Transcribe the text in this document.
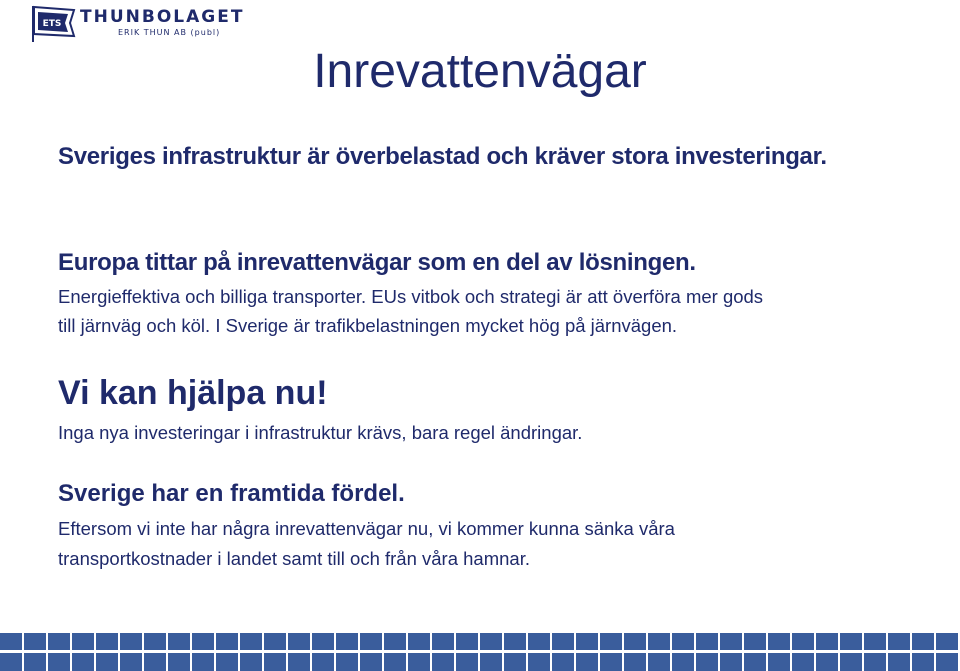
ETS THUNBOLAGET
ERIK THUN AB (publ)
Inrevattenvägar

Sveriges infrastruktur är överbelastad och kräver stora investeringar.

Europa tittar på inrevattenvägar som en del av lösningen.

Energieffektiva och billiga transporter. EUs vitbok och strategi är att överföra mer gods

till järnväg och köl. I Sverige är trafikbelastningen mycket hög på järnvägen.

Vi kan hjälpa nu!

Inga nya investeringar i infrastruktur krävs, bara regel ändringar.

Sverige har en framtida fördel.

Eftersom vi inte har några inrevattenvägar nu, vi kommer kunna sänka våra transportkostnader i landet samt till och från våra hamnar.
